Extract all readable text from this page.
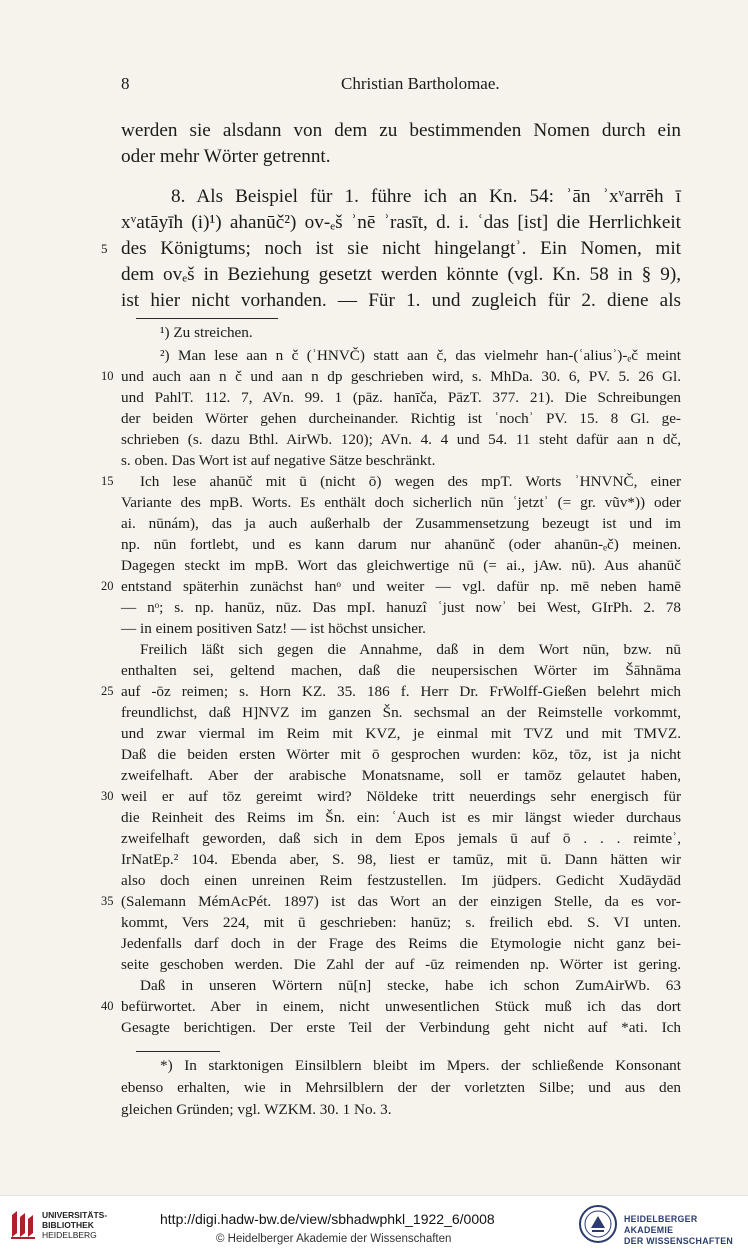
8	Christian Bartholomae.
werden sie alsdann von dem zu bestimmenden Nomen durch ein
oder mehr Wörter getrennt.
8. Als Beispiel für 1. führe ich an Kn. 54: ʾān ʾxᵛarrēh ī
xᵛatāyīh (i)¹) ahanūč²) ov-ₑš ʾnē ʾrasīt, d. i. ʿdas [ist] die Herrlichkeit
des Königtums; noch ist sie nicht hingelangtʾ. Ein Nomen, mit
dem ovₑš in Beziehung gesetzt werden könnte (vgl. Kn. 58 in § 9),
ist hier nicht vorhanden. — Für 1. und zugleich für 2. diene als
5
¹) Zu streichen.
²) Man lese aan n č (ʾHNVČ) statt aan č, das vielmehr han-(ʿaliusʾ)-ₑč meint
und auch aan n č und aan n dp geschrieben wird, s. MhDa. 30. 6, PV. 5. 26 Gl.
und PahlT. 112. 7, AVn. 99. 1 (pāz. hanīča, PāzT. 377. 21). Die Schreibungen
der beiden Wörter gehen durcheinander. Richtig ist ʿnochʾ PV. 15. 8 Gl. ge-
schrieben (s. dazu Bthl. AirWb. 120); AVn. 4. 4 und 54. 11 steht dafür aan n dč,
s. oben. Das Wort ist auf negative Sätze beschränkt.
Ich lese ahanūč mit ū (nicht ō) wegen des mpT. Worts ʾHNVNČ, einer
Variante des mpB. Worts. Es enthält doch sicherlich nūn ʿjetztʾ (= gr. vũv*)) oder
ai. nūnám), das ja auch außerhalb der Zusammensetzung bezeugt ist und im
np. nūn fortlebt, und es kann darum nur ahanūnč (oder ahanūn-ₑč) meinen.
Dagegen steckt im mpB. Wort das gleichwertige nū (= ai., jAw. nū). Aus ahanūč
entstand späterhin zunächst hanᵒ und weiter — vgl. dafür np. mē neben hamē
— nᵒ; s. np. hanūz, nūz. Das mpI. hanuzî ʿjust nowʾ bei West, GIrPh. 2. 78
— in einem positiven Satz! — ist höchst unsicher.
Freilich läßt sich gegen die Annahme, daß in dem Wort nūn, bzw. nū
enthalten sei, geltend machen, daß die neupersischen Wörter im Šāhnāma
auf -ōz reimen; s. Horn KZ. 35. 186 f. Herr Dr. FrWolff-Gießen belehrt mich
freundlichst, daß H]NVZ im ganzen Šn. sechsmal an der Reimstelle vorkommt,
und zwar viermal im Reim mit KVZ, je einmal mit TVZ und mit TMVZ.
Daß die beiden ersten Wörter mit ō gesprochen wurden: kōz, tōz, ist ja nicht
zweifelhaft. Aber der arabische Monatsname, soll er tamōz gelautet haben,
weil er auf tōz gereimt wird? Nöldeke tritt neuerdings sehr energisch für
die Reinheit des Reims im Šn. ein: ʿAuch ist es mir längst wieder durchaus
zweifelhaft geworden, daß sich in dem Epos jemals ū auf ō . . . reimteʾ,
IrNatEp.² 104. Ebenda aber, S. 98, liest er tamūz, mit ū. Dann hätten wir
also doch einen unreinen Reim festzustellen. Im jüdpers. Gedicht Xudāydād
(Salemann MémAcPét. 1897) ist das Wort an der einzigen Stelle, da es vor-
kommt, Vers 224, mit ū geschrieben: hanūz; s. freilich ebd. S. VI unten.
Jedenfalls darf doch in der Frage des Reims die Etymologie nicht ganz bei-
seite geschoben werden. Die Zahl der auf -ūz reimenden np. Wörter ist gering.
Daß in unseren Wörtern nū[n] stecke, habe ich schon ZumAirWb. 63
befürwortet. Aber in einem, nicht unwesentlichen Stück muß ich das dort
Gesagte berichtigen. Der erste Teil der Verbindung geht nicht auf *ati. Ich
10
15
20
25
30
35
40
*) In starktonigen Einsilblern bleibt im Mpers. der schließende Konsonant
ebenso erhalten, wie in Mehrsilblern der der vorletzten Silbe; und aus den
gleichen Gründen; vgl. WZKM. 30. 1 No. 3.
UNIVERSITÄTS-
BIBLIOTHEK
HEIDELBERG
http://digi.hadw-bw.de/view/sbhadwphkl_1922_6/0008
© Heidelberger Akademie der Wissenschaften
HEIDELBERGER AKADEMIE
DER WISSENSCHAFTEN
